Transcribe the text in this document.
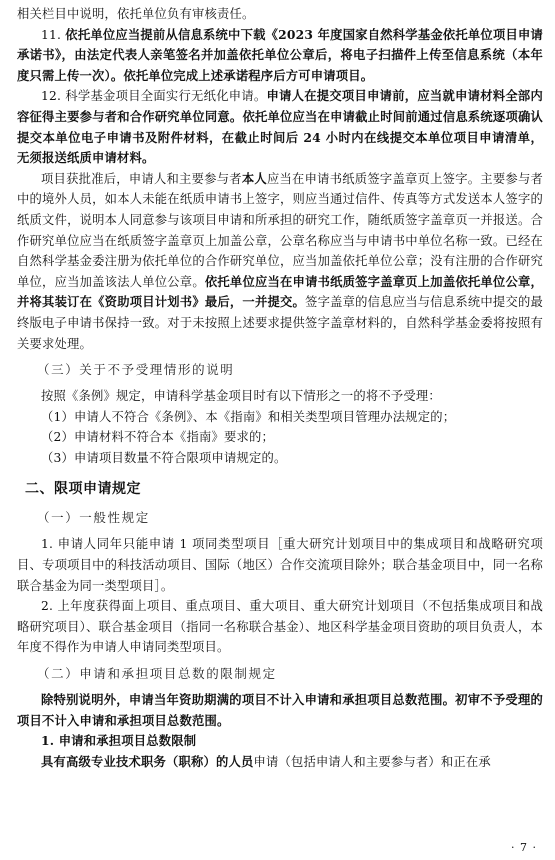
相关栏目中说明，依托单位负有审核责任。

11. 依托单位应当提前从信息系统中下载《2023 年度国家自然科学基金依托单位项目申请承诺书》，由法定代表人亲笔签名并加盖依托单位公章后，将电子扫描件上传至信息系统（本年度只需上传一次）。依托单位完成上述承诺程序后方可申请项目。

12. 科学基金项目全面实行无纸化申请。申请人在提交项目申请前，应当就申请材料全部内容征得主要参与者和合作研究单位同意。依托单位应当在申请截止时间前通过信息系统逐项确认提交本单位电子申请书及附件材料，在截止时间后 24 小时内在线提交本单位项目申请清单，无须报送纸质申请材料。

项目获批准后，申请人和主要参与者本人应当在申请书纸质签字盖章页上签字。主要参与者中的境外人员，如本人未能在纸质申请书上签字，则应当通过信件、传真等方式发送本人签字的纸质文件，说明本人同意参与该项目申请和所承担的研究工作，随纸质签字盖章页一并报送。合作研究单位应当在纸质签字盖章页上加盖公章，公章名称应当与申请书中单位名称一致。已经在自然科学基金委注册为依托单位的合作研究单位，应当加盖依托单位公章；没有注册的合作研究单位，应当加盖该法人单位公章。依托单位应当在申请书纸质签字盖章页上加盖依托单位公章，并将其装订在《资助项目计划书》最后，一并提交。签字盖章的信息应当与信息系统中提交的最终版电子申请书保持一致。对于未按照上述要求提供签字盖章材料的，自然科学基金委将按照有关要求处理。

（三）关于不予受理情形的说明

按照《条例》规定，申请科学基金项目时有以下情形之一的将不予受理：

（1）申请人不符合《条例》、本《指南》和相关类型项目管理办法规定的；

（2）申请材料不符合本《指南》要求的；

（3）申请项目数量不符合限项申请规定的。

二、限项申请规定
（一）一般性规定

1. 申请人同年只能申请 1 项同类型项目［重大研究计划项目中的集成项目和战略研究项目、专项项目中的科技活动项目、国际（地区）合作交流项目除外；联合基金项目中，同一名称联合基金为同一类型项目］。

2. 上年度获得面上项目、重点项目、重大项目、重大研究计划项目（不包括集成项目和战略研究项目）、联合基金项目（指同一名称联合基金）、地区科学基金项目资助的项目负责人，本年度不得作为申请人申请同类型项目。

（二）申请和承担项目总数的限制规定

除特别说明外，申请当年资助期满的项目不计入申请和承担项目总数范围。初审不予受理的项目不计入申请和承担项目总数范围。

1. 申请和承担项目总数限制

具有高级专业技术职务（职称）的人员申请（包括申请人和主要参与者）和正在承

· 7 ·
